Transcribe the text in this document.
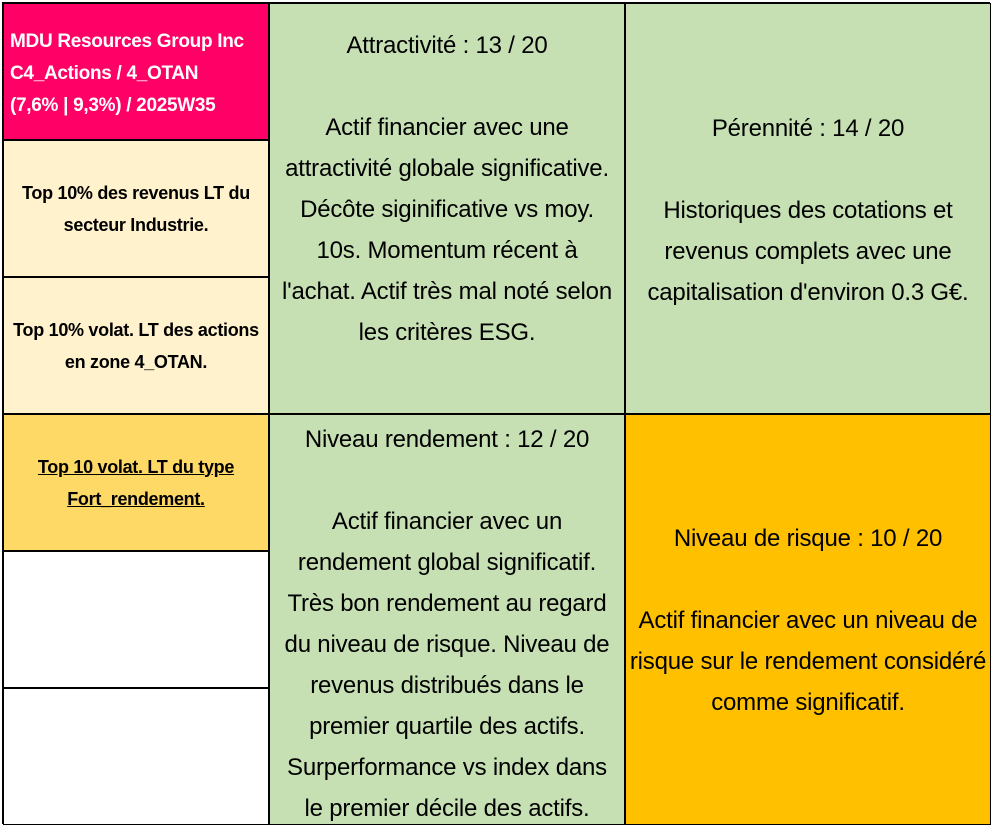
MDU Resources Group Inc
C4_Actions / 4_OTAN
(7,6% | 9,3%) / 2025W35
Top 10% des revenus LT du secteur Industrie.
Top 10% volat. LT des actions en zone 4_OTAN.
Top 10 volat. LT du type Fort_rendement.
Attractivité : 13 / 20
Actif financier avec une attractivité globale significative. Décôte siginificative vs moy. 10s. Momentum récent à l'achat. Actif très mal noté selon les critères ESG.
Pérennité : 14 / 20
Historiques des cotations et revenus complets avec une capitalisation d'environ 0.3 G€.
Niveau rendement : 12 / 20
Actif financier avec un rendement global significatif. Très bon rendement au regard du niveau de risque. Niveau de revenus distribués dans le premier quartile des actifs. Surperformance vs index dans le premier décile des actifs.
Niveau de risque : 10 / 20
Actif financier avec un niveau de risque sur le rendement considéré comme significatif.
